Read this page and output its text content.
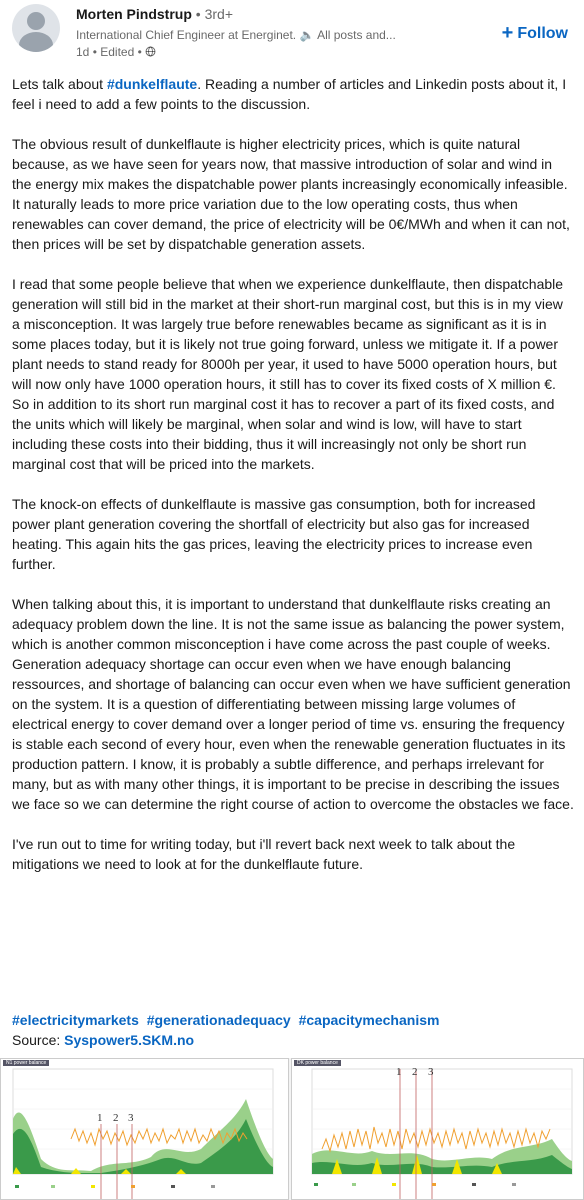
Morten Pindstrup • 3rd+
International Chief Engineer at Energinet. 🔈 All posts and...
1d • Edited •
+ Follow

Lets talk about #dunkelflaute. Reading a number of articles and Linkedin posts about it, I feel i need to add a few points to the discussion.

The obvious result of dunkelflaute is higher electricity prices, which is quite natural because, as we have seen for years now, that massive introduction of solar and wind in the energy mix makes the dispatchable power plants increasingly economically infeasible. It naturally leads to more price variation due to the low operating costs, thus when renewables can cover demand, the price of electricity will be 0€/MWh and when it can not, then prices will be set by dispatchable generation assets.

I read that some people believe that when we experience dunkelflaute, then dispatchable generation will still bid in the market at their short-run marginal cost, but this is in my view a misconception. It was largely true before renewables became as significant as it is in some places today, but it is likely not true going forward, unless we mitigate it. If a power plant needs to stand ready for 8000h per year, it used to have 5000 operation hours, but will now only have 1000 operation hours, it still has to cover its fixed costs of X million €. So in addition to its short run marginal cost it has to recover a part of its fixed costs, and the units which will likely be marginal, when solar and wind is low, will have to start including these costs into their bidding, thus it will increasingly not only be short run marginal cost that will be priced into the markets.

The knock-on effects of dunkelflaute is massive gas consumption, both for increased power plant generation covering the shortfall of electricity but also gas for increased heating. This again hits the gas prices, leaving the electricity prices to increase even further.

When talking about this, it is important to understand that dunkelflaute risks creating an adequacy problem down the line. It is not the same issue as balancing the power system, which is another common misconception i have come across the past couple of weeks. Generation adequacy shortage can occur even when we have enough balancing ressources, and shortage of balancing can occur even when we have sufficient generation on the system. It is a question of differentiating between missing large volumes of electrical energy to cover demand over a longer period of time vs. ensuring the frequency is stable each second of every hour, even when the renewable generation fluctuates in its production pattern. I know, it is probably a subtle difference, and perhaps irrelevant for many, but as with many other things, it is important to be precise in describing the issues we face so we can determine the right course of action to overcome the obstacles we face.

I've run out to time for writing today, but i'll revert back next week to talk about the mitigations we need to look at for the dunkelflaute future.

#electricitymarkets #generationadequacy #capacitymechanism
Source: Syspower5.SKM.no
N1 power balance
1 2 3
DK power balance
1 2 3
